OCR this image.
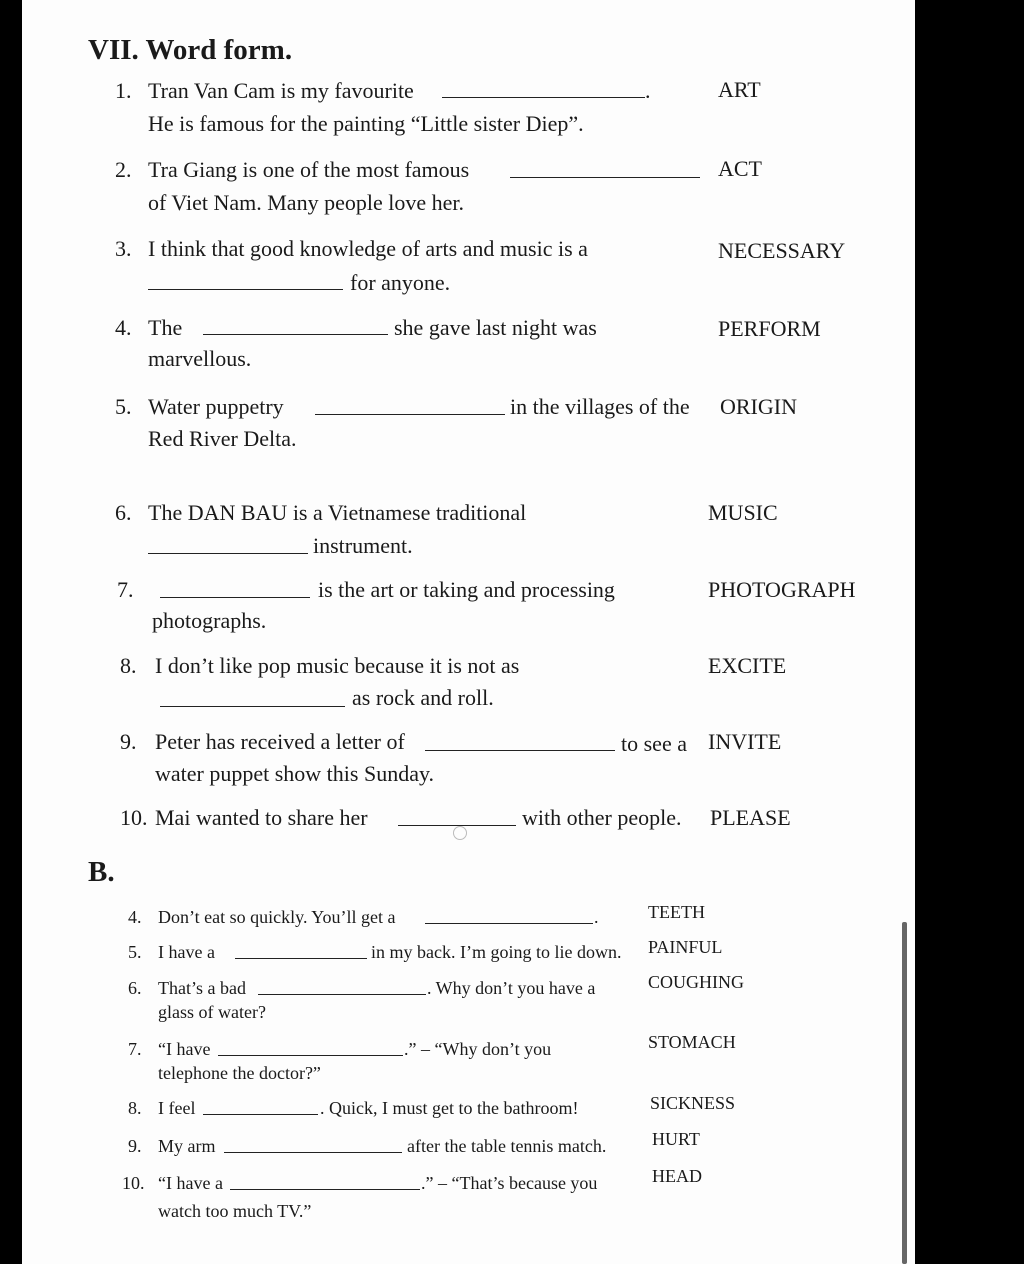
VII. Word form.
1. Tran Van Cam is my favourite	.
He is famous for the painting “Little sister Diep”.
ART
2. Tra Giang is one of the most famous
of Viet Nam. Many people love her.
ACT
3. I think that good knowledge of arts and music is a
for anyone.
NECESSARY
4. The	she gave last night was
marvellous.
PERFORM
5. Water puppetry	in the villages of the
Red River Delta.
ORIGIN
6. The DAN BAU is a Vietnamese traditional
instrument.
MUSIC
7.	is the art or taking and processing
photographs.
PHOTOGRAPH
8. I don’t like pop music because it is not as
as rock and roll.
EXCITE
9. Peter has received a letter of	to see a
water puppet show this Sunday.
INVITE
10. Mai wanted to share her	with other people. PLEASE
B.
4. Don’t eat so quickly. You’ll get a	.	TEETH
5. I have a	in my back. I’m going to lie down. PAINFUL
6. That’s a bad	. Why don’t you have a
glass of water?
COUGHING
7. “I have	.” – “Why don’t you
telephone the doctor?”
STOMACH
8. I feel	. Quick, I must get to the bathroom!	SICKNESS
9. My arm	after the table tennis match.	HURT
10. “I have a	.” – “That’s because you
watch too much TV.”
HEAD
